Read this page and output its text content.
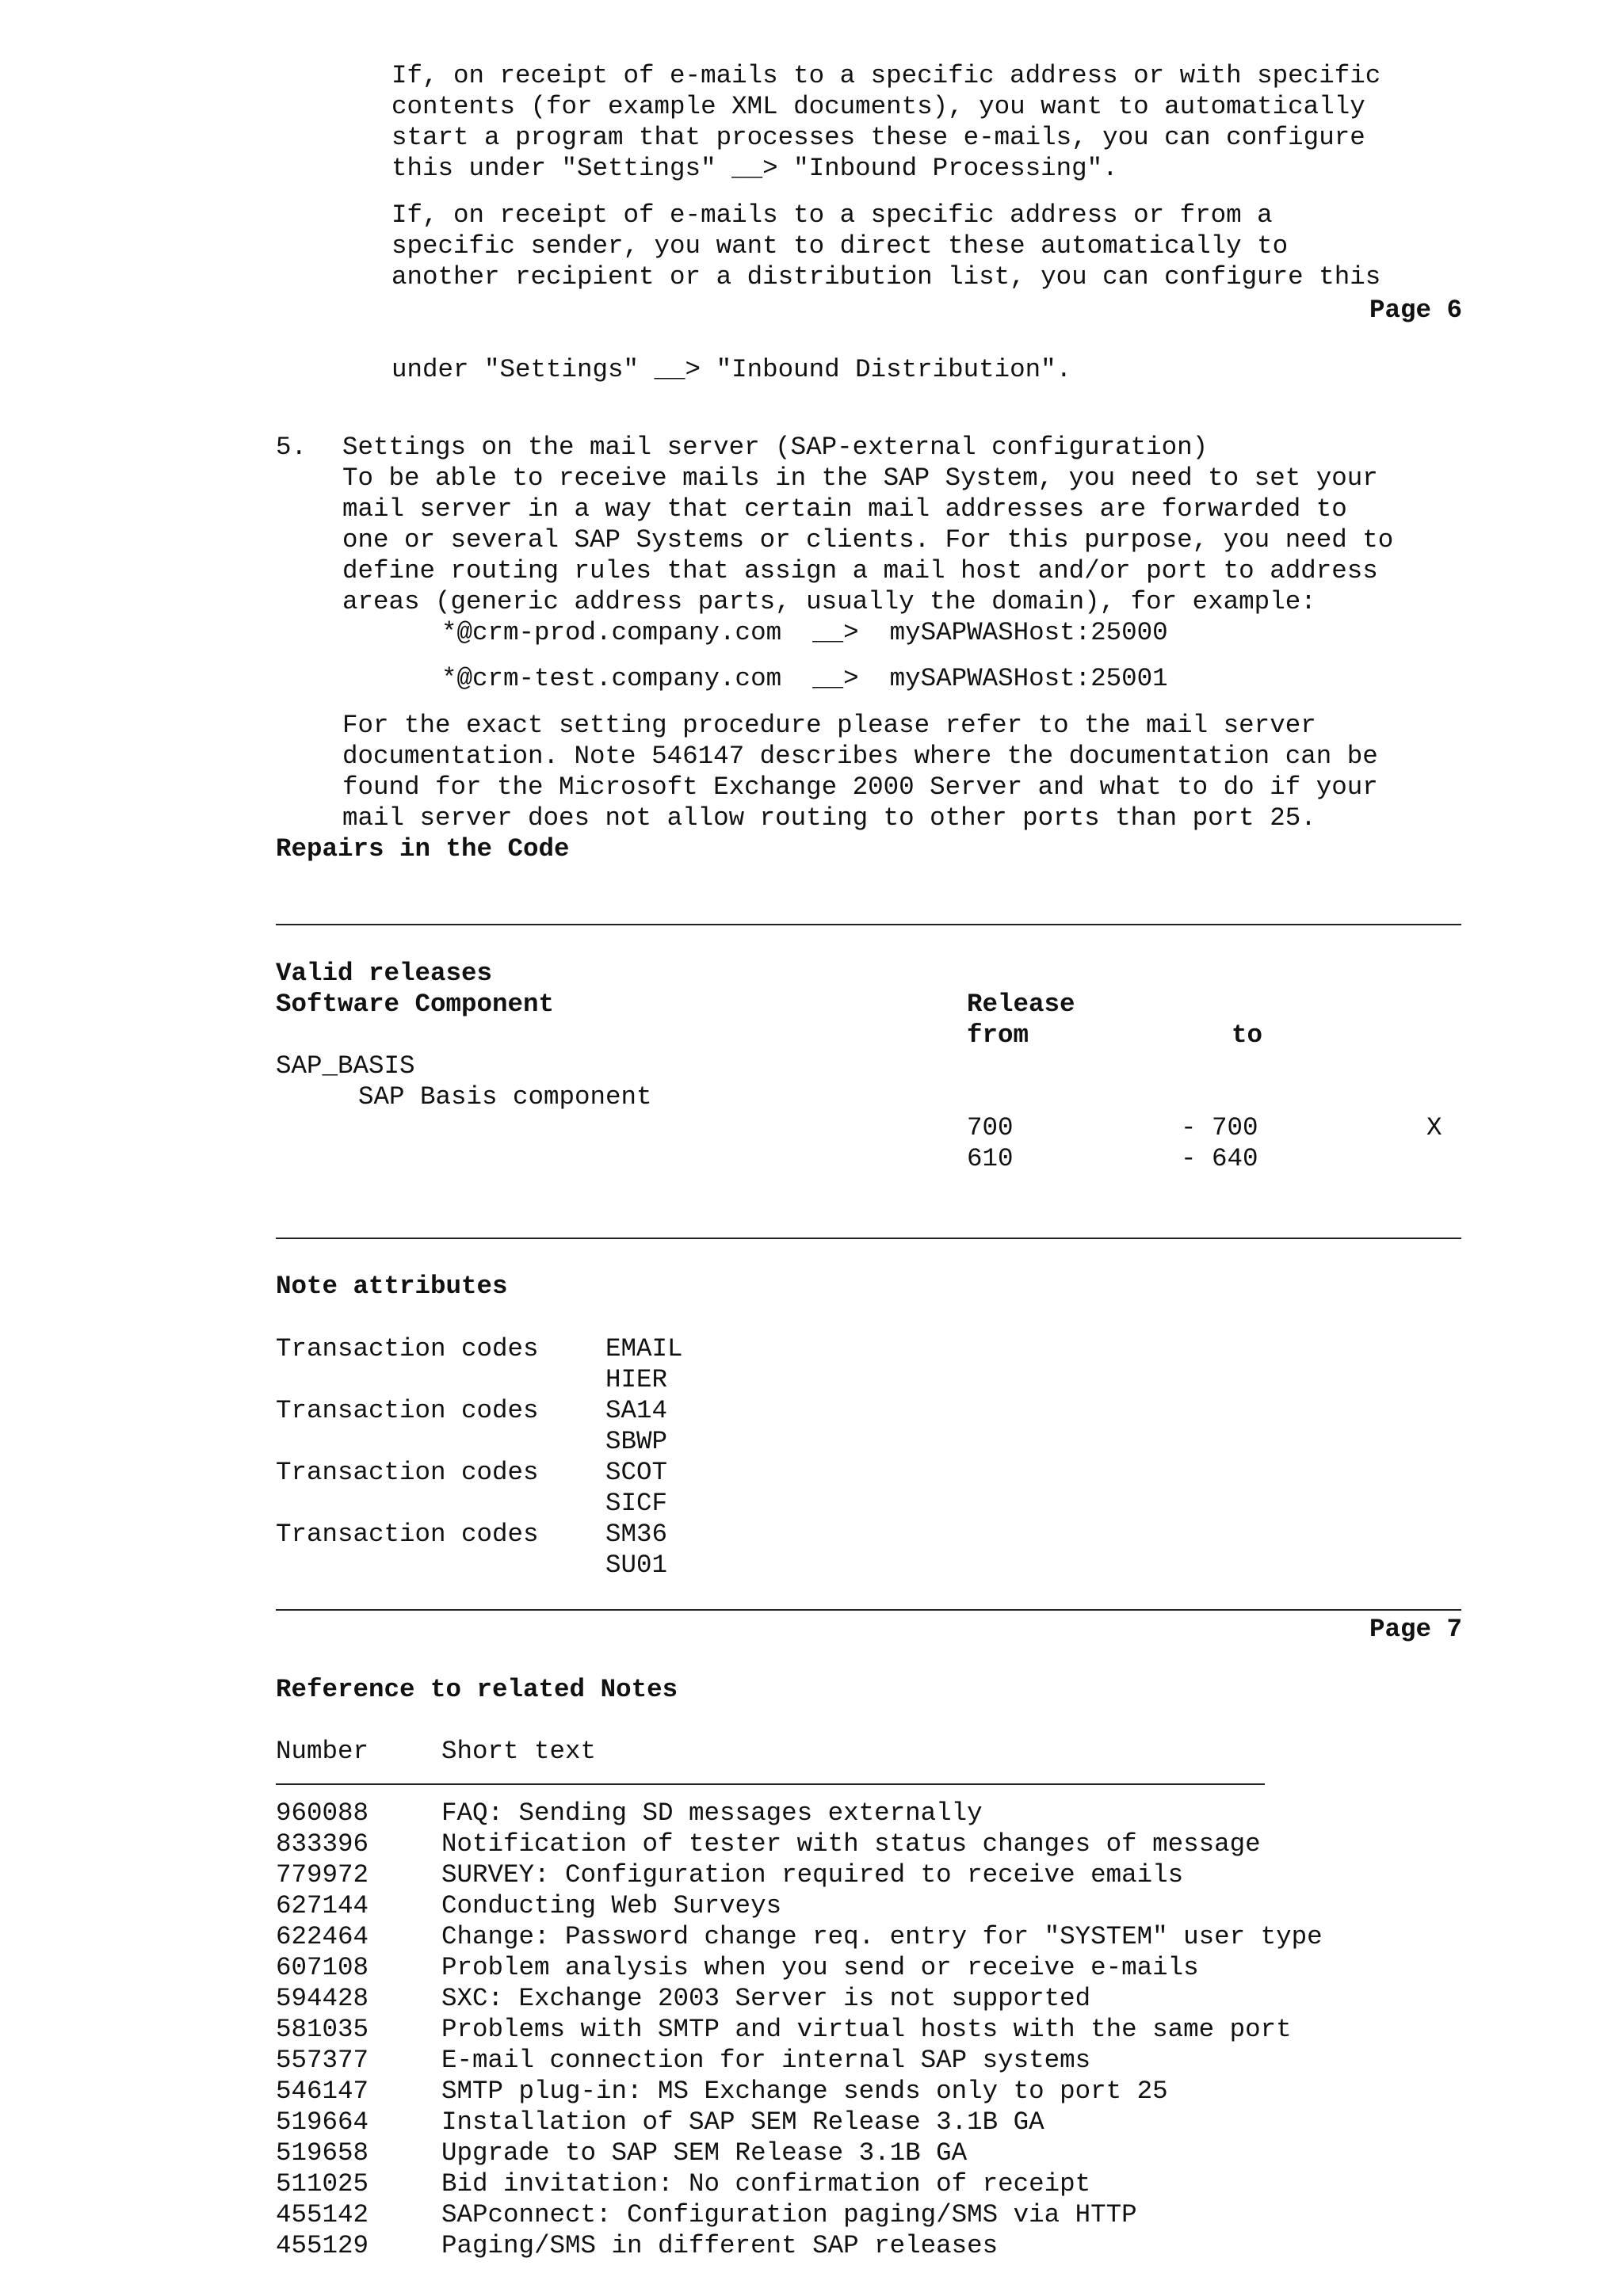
If, on receipt of e-mails to a specific address or with specific
contents (for example XML documents), you want to automatically
start a program that processes these e-mails, you can configure
this under "Settings" __> "Inbound Processing".
If, on receipt of e-mails to a specific address or from a
specific sender, you want to direct these automatically to
another recipient or a distribution list, you can configure this
Page 6
under "Settings" __> "Inbound Distribution".
5. Settings on the mail server (SAP-external configuration)
To be able to receive mails in the SAP System, you need to set your
mail server in a way that certain mail addresses are forwarded to
one or several SAP Systems or clients. For this purpose, you need to
define routing rules that assign a mail host and/or port to address
areas (generic address parts, usually the domain), for example:
*@crm-prod.company.com  __>  mySAPWASHost:25000
*@crm-test.company.com  __>  mySAPWASHost:25001
For the exact setting procedure please refer to the mail server
documentation. Note 546147 describes where the documentation can be
found for the Microsoft Exchange 2000 Server and what to do if your
mail server does not allow routing to other ports than port 25.
Repairs in the Code
Valid releases
Software Component	Release
from	to
SAP_BASIS
SAP Basis component
700	- 700	X
610	- 640
Note attributes
Transaction codes	EMAIL
HIER
Transaction codes	SA14
SBWP
Transaction codes	SCOT
SICF
Transaction codes	SM36
SU01
Page 7
Reference to related Notes
Number	Short text
960088	FAQ: Sending SD messages externally
833396	Notification of tester with status changes of message
779972	SURVEY: Configuration required to receive emails
627144	Conducting Web Surveys
622464	Change: Password change req. entry for "SYSTEM" user type
607108	Problem analysis when you send or receive e-mails
594428	SXC: Exchange 2003 Server is not supported
581035	Problems with SMTP and virtual hosts with the same port
557377	E-mail connection for internal SAP systems
546147	SMTP plug-in: MS Exchange sends only to port 25
519664	Installation of SAP SEM Release 3.1B GA
519658	Upgrade to SAP SEM Release 3.1B GA
511025	Bid invitation: No confirmation of receipt
455142	SAPconnect: Configuration paging/SMS via HTTP
455129	Paging/SMS in different SAP releases
